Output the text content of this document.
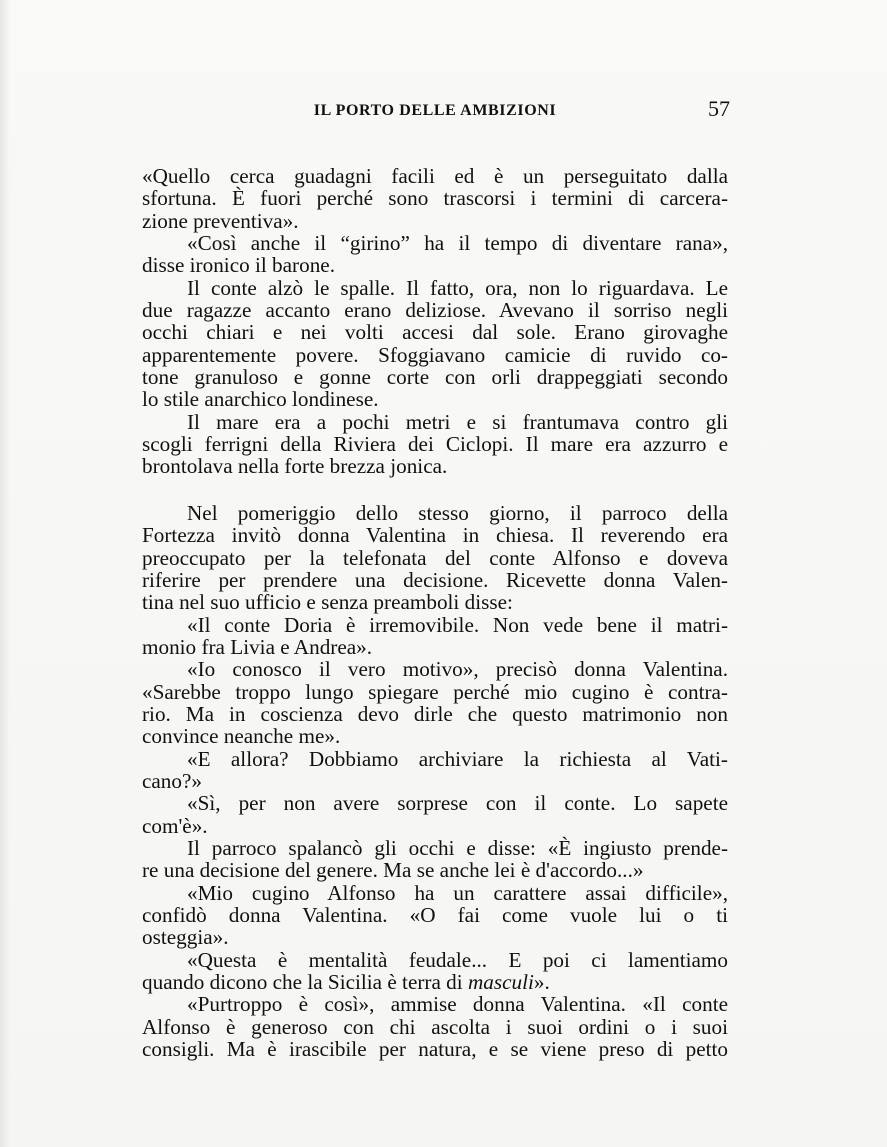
IL PORTO DELLE AMBIZIONI	57
«Quello cerca guadagni facili ed è un perseguitato dalla
sfortuna. È fuori perché sono trascorsi i termini di carcera-
zione preventiva».
«Così anche il “girino” ha il tempo di diventare rana»,
disse ironico il barone.
Il conte alzò le spalle. Il fatto, ora, non lo riguardava. Le
due ragazze accanto erano deliziose. Avevano il sorriso negli
occhi chiari e nei volti accesi dal sole. Erano girovaghe
apparentemente povere. Sfoggiavano camicie di ruvido co-
tone granuloso e gonne corte con orli drappeggiati secondo
lo stile anarchico londinese.
Il mare era a pochi metri e si frantumava contro gli
scogli ferrigni della Riviera dei Ciclopi. Il mare era azzurro e
brontolava nella forte brezza jonica.
Nel pomeriggio dello stesso giorno, il parroco della
Fortezza invitò donna Valentina in chiesa. Il reverendo era
preoccupato per la telefonata del conte Alfonso e doveva
riferire per prendere una decisione. Ricevette donna Valen-
tina nel suo ufficio e senza preamboli disse:
«Il conte Doria è irremovibile. Non vede bene il matri-
monio fra Livia e Andrea».
«Io conosco il vero motivo», precisò donna Valentina.
«Sarebbe troppo lungo spiegare perché mio cugino è contra-
rio. Ma in coscienza devo dirle che questo matrimonio non
convince neanche me».
«E allora? Dobbiamo archiviare la richiesta al Vati-
cano?»
«Sì, per non avere sorprese con il conte. Lo sapete
com'è».
Il parroco spalancò gli occhi e disse: «È ingiusto prende-
re una decisione del genere. Ma se anche lei è d'accordo...»
«Mio cugino Alfonso ha un carattere assai difficile»,
confidò donna Valentina. «O fai come vuole lui o ti
osteggia».
«Questa è mentalità feudale... E poi ci lamentiamo
quando dicono che la Sicilia è terra di masculi».
«Purtroppo è così», ammise donna Valentina. «Il conte
Alfonso è generoso con chi ascolta i suoi ordini o i suoi
consigli. Ma è irascibile per natura, e se viene preso di petto
